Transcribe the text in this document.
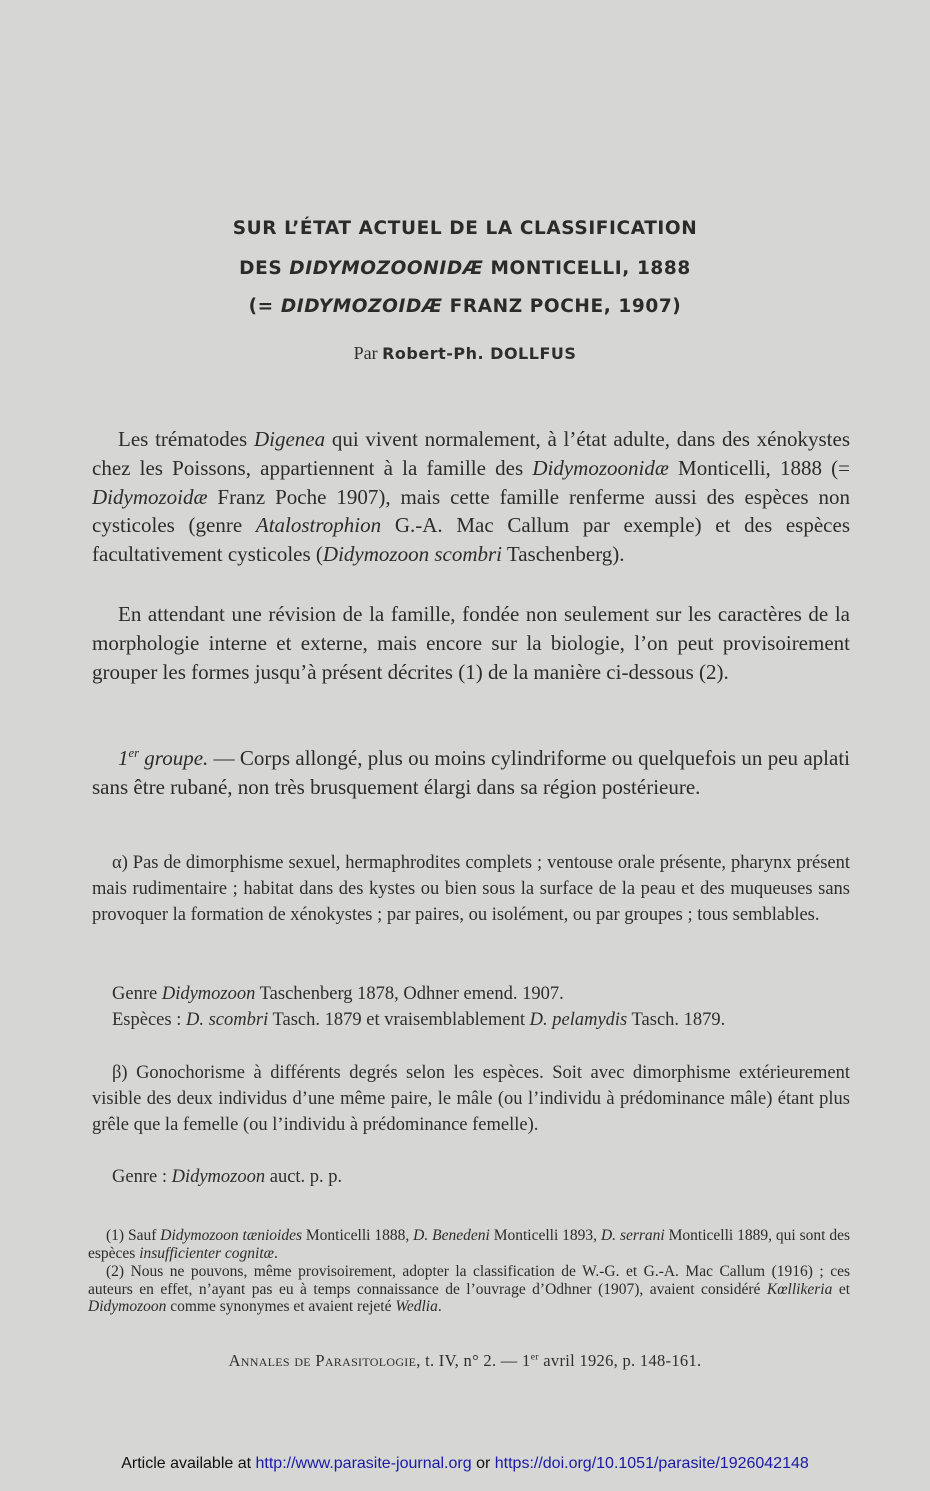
SUR L’ÉTAT ACTUEL DE LA CLASSIFICATION
DES DIDYMOZOONIDÆ MONTICELLI, 1888
(= DIDYMOZOIDÆ FRANZ POCHE, 1907)
Par Robert-Ph. DOLLFUS

Les trématodes Digenea qui vivent normalement, à l’état adulte, dans des xénokystes chez les Poissons, appartiennent à la famille des Didymozoonidæ Monticelli, 1888 (= Didymozoidæ Franz Poche 1907), mais cette famille renferme aussi des espèces non cysticoles (genre Atalostrophion G.-A. Mac Callum par exemple) et des espèces facultativement cysticoles (Didymozoon scombri Taschenberg).

En attendant une révision de la famille, fondée non seulement sur les caractères de la morphologie interne et externe, mais encore sur la biologie, l’on peut provisoirement grouper les formes jusqu’à présent décrites (1) de la manière ci-dessous (2).

1er groupe. — Corps allongé, plus ou moins cylindriforme ou quelquefois un peu aplati sans être rubané, non très brusquement élargi dans sa région postérieure.

α) Pas de dimorphisme sexuel, hermaphrodites complets ; ventouse orale présente, pharynx présent mais rudimentaire ; habitat dans des kystes ou bien sous la surface de la peau et des muqueuses sans provoquer la formation de xénokystes ; par paires, ou isolément, ou par groupes ; tous semblables.

Genre Didymozoon Taschenberg 1878, Odhner emend. 1907.

Espèces : D. scombri Tasch. 1879 et vraisemblablement D. pelamydis Tasch. 1879.

β) Gonochorisme à différents degrés selon les espèces. Soit avec dimorphisme extérieurement visible des deux individus d’une même paire, le mâle (ou l’individu à prédominance mâle) étant plus grêle que la femelle (ou l’individu à prédominance femelle).

Genre : Didymozoon auct. p. p.

(1) Sauf Didymozoon tænioides Monticelli 1888, D. Benedeni Monticelli 1893, D. serrani Monticelli 1889, qui sont des espèces insufficienter cognitæ.

(2) Nous ne pouvons, même provisoirement, adopter la classification de W.-G. et G.-A. Mac Callum (1916) ; ces auteurs en effet, n’ayant pas eu à temps connaissance de l’ouvrage d’Odhner (1907), avaient considéré Kœllikeria et Didymozoon comme synonymes et avaient rejeté Wedlia.

Annales de Parasitologie, t. IV, n° 2. — 1er avril 1926, p. 148-161.
Article available at http://www.parasite-journal.org or https://doi.org/10.1051/parasite/1926042148
